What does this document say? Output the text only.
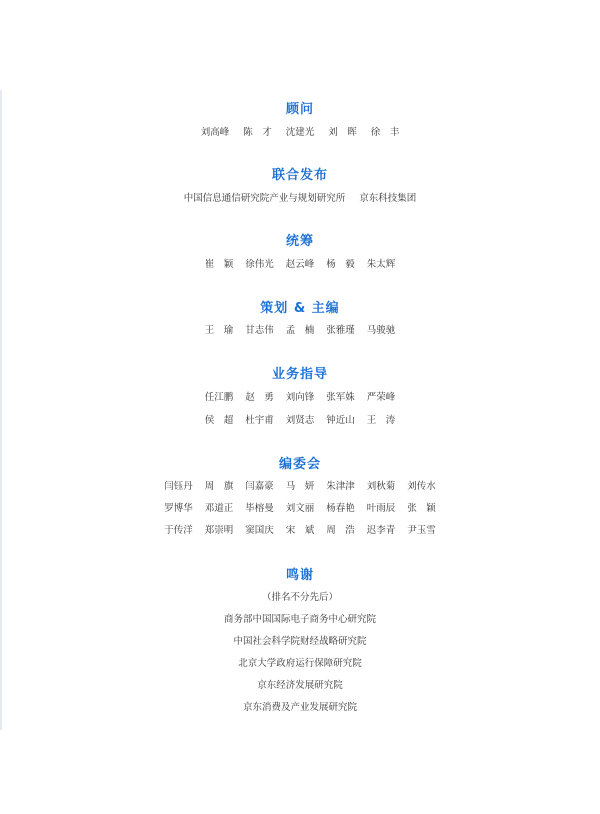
顾问
刘高峰 陈　才 沈建光 刘　晖 徐　丰
联合发布
中国信息通信研究院产业与规划研究所 京东科技集团
统筹
崔　颖 徐伟光 赵云峰 杨　毅 朱太辉
策划 & 主编
王　瑜 甘志伟 孟　楠 张雅瑾 马骏驰
业务指导
任江鹏 赵　勇 刘向锋 张军姝 严荣峰
侯　超 杜宇甫 刘贤志 钟近山 王　涛
编委会
闫钰丹 周　旗 闫嘉豪 马　妍 朱津津 刘秋菊 刘传水
罗博华 邓道正 毕榕曼 刘文丽 杨春艳 叶雨辰 张　颖
于传洋 郑崇明 窦国庆 宋　斌 周　浩 迟李青 尹玉雪
鸣谢
（排名不分先后）
商务部中国国际电子商务中心研究院
中国社会科学院财经战略研究院
北京大学政府运行保障研究院
京东经济发展研究院
京东消费及产业发展研究院
